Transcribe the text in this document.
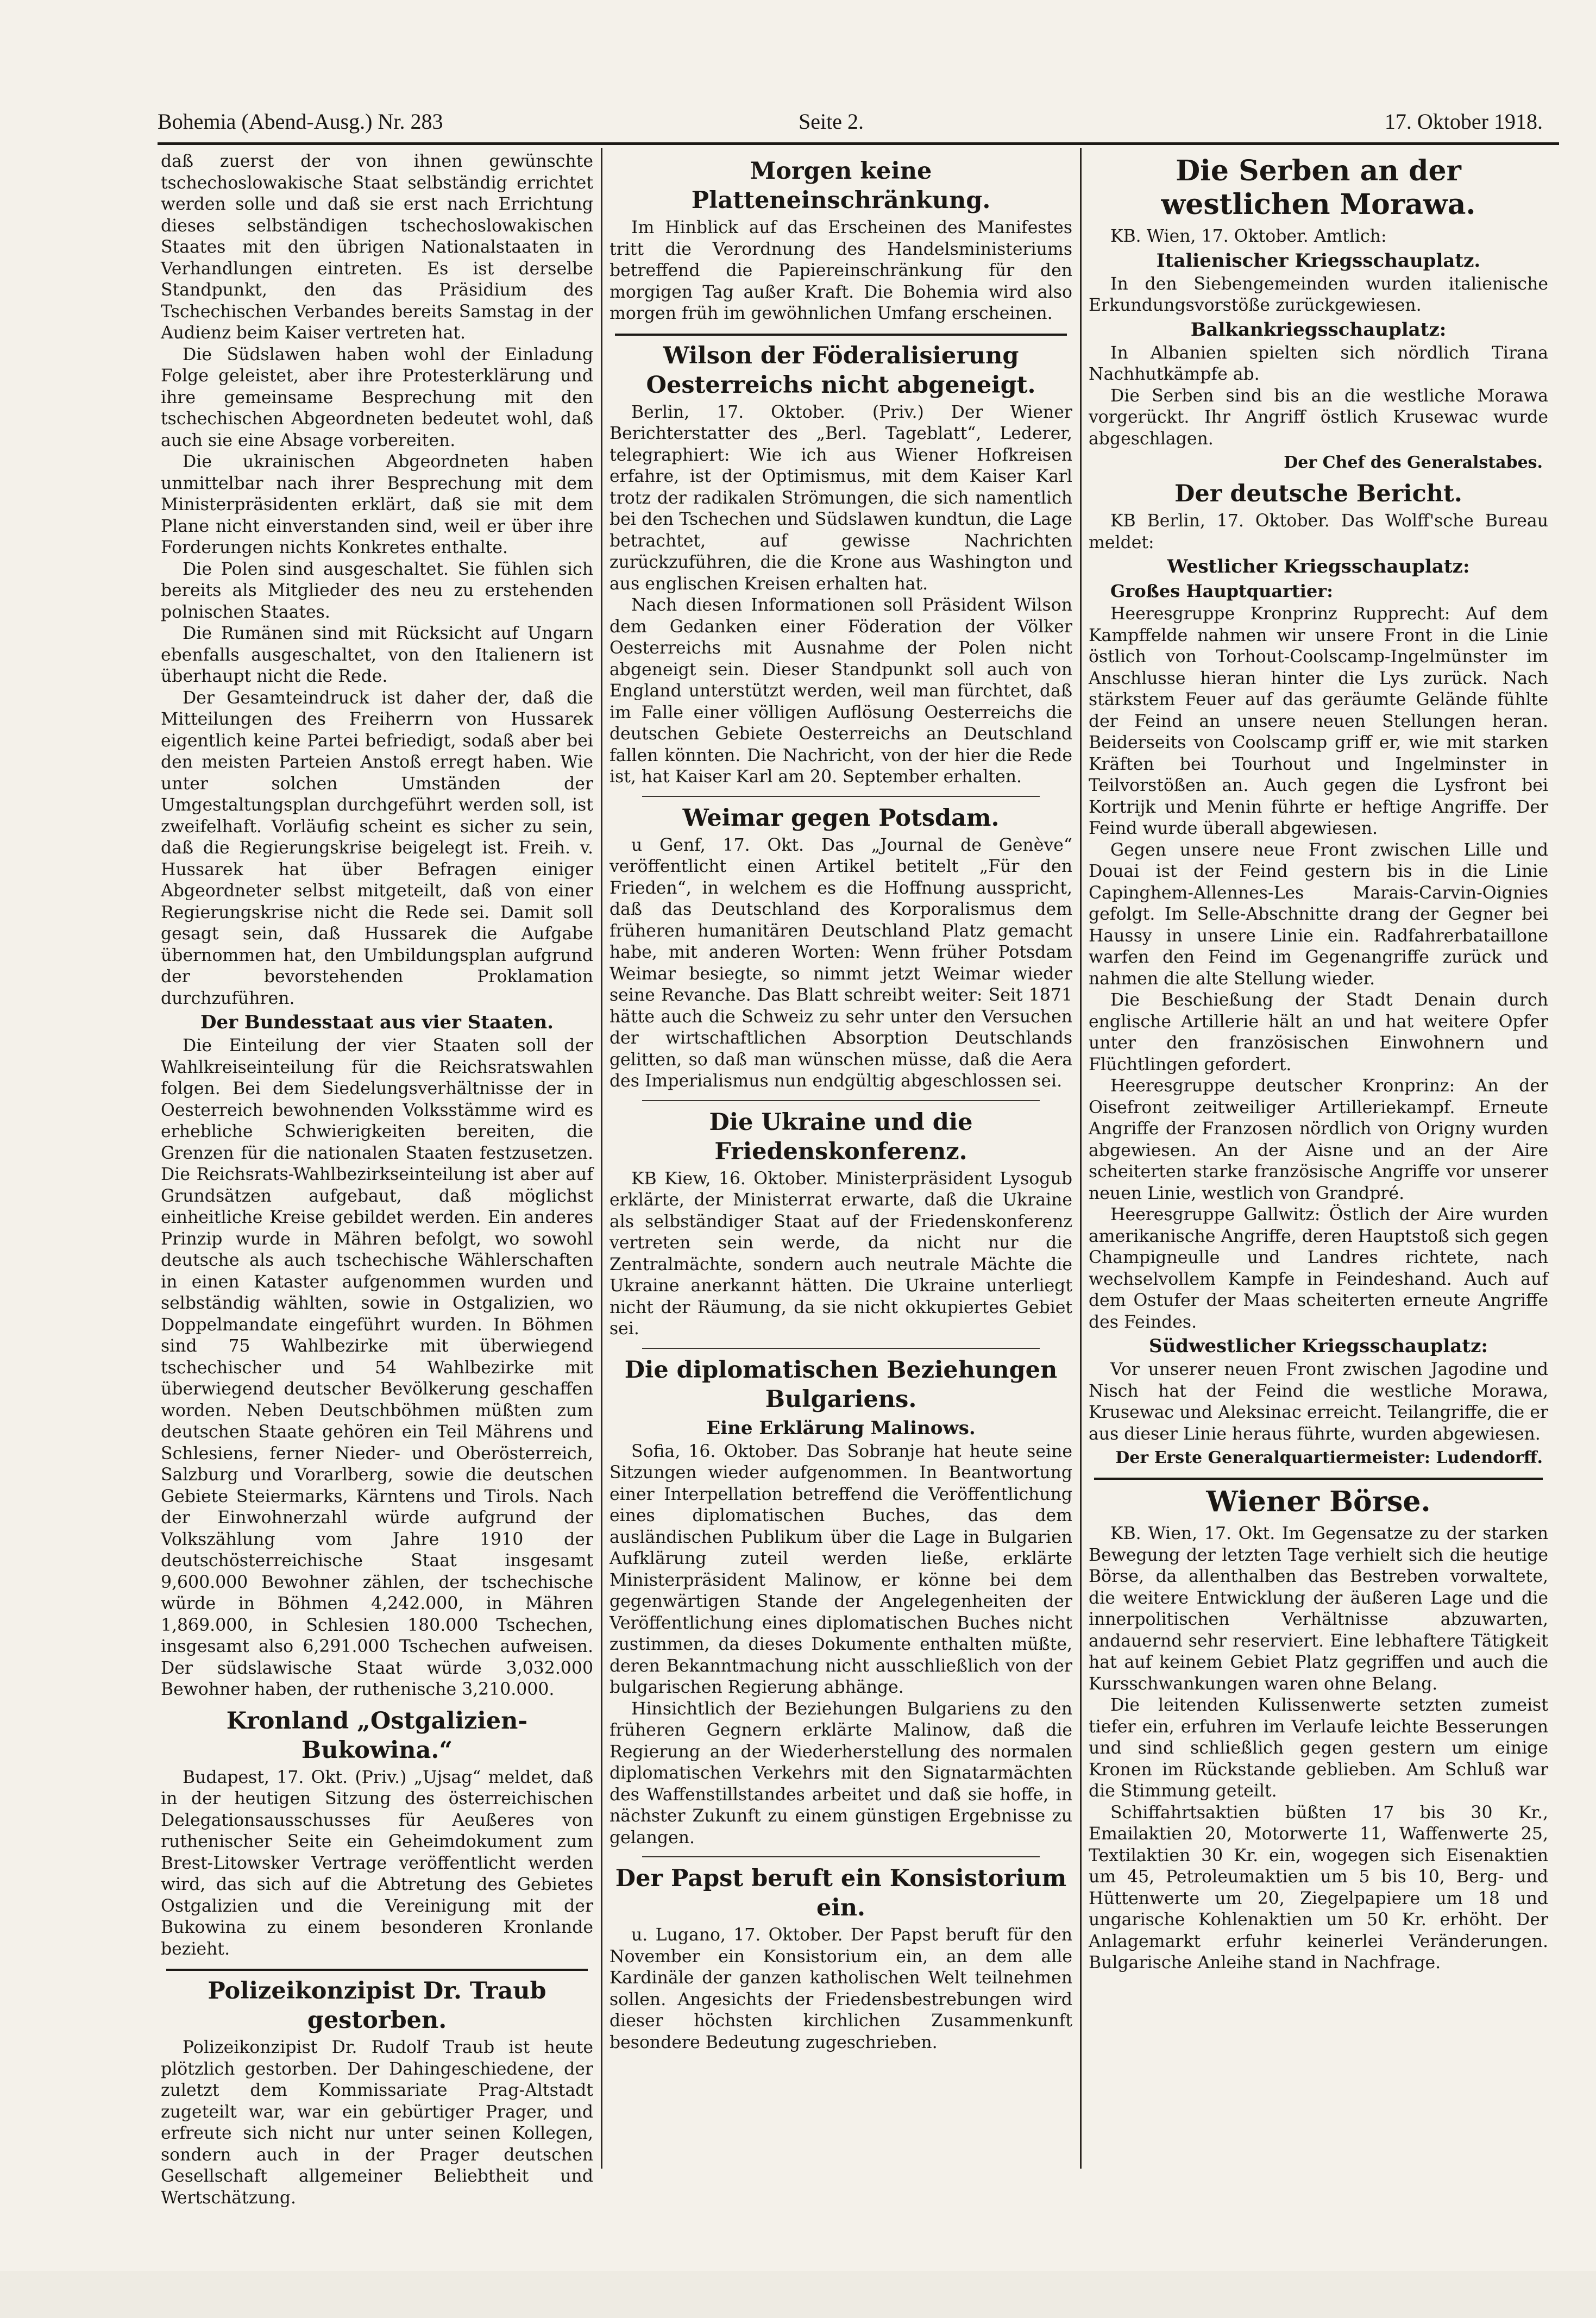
Bohemia (Abend-Ausg.) Nr. 283	Seite 2.	17. Oktober 1918.

daß zuerst der von ihnen gewünschte tschechoslowakische Staat selbständig errichtet werden solle und daß sie erst nach Errichtung dieses selbständigen tschechoslowakischen Staates mit den übrigen Nationalstaaten in Verhandlungen eintreten. Es ist derselbe Standpunkt, den das Präsidium des Tschechischen Verbandes bereits Samstag in der Audienz beim Kaiser vertreten hat.

Die Südslawen haben wohl der Einladung Folge geleistet, aber ihre Protesterklärung und ihre gemeinsame Besprechung mit den tschechischen Abgeordneten bedeutet wohl, daß auch sie eine Absage vorbereiten.

Die ukrainischen Abgeordneten haben unmittelbar nach ihrer Besprechung mit dem Ministerpräsidenten erklärt, daß sie mit dem Plane nicht einverstanden sind, weil er über ihre Forderungen nichts Konkretes enthalte.

Die Polen sind ausgeschaltet. Sie fühlen sich bereits als Mitglieder des neu zu erstehenden polnischen Staates.

Die Rumänen sind mit Rücksicht auf Ungarn ebenfalls ausgeschaltet, von den Italienern ist überhaupt nicht die Rede.

Der Gesamteindruck ist daher der, daß die Mitteilungen des Freiherrn von Hussarek eigentlich keine Partei befriedigt, sodaß aber bei den meisten Parteien Anstoß erregt haben. Wie unter solchen Umständen der Umgestaltungsplan durchgeführt werden soll, ist zweifelhaft. Vorläufig scheint es sicher zu sein, daß die Regierungskrise beigelegt ist. Freih. v. Hussarek hat über Befragen einiger Abgeordneter selbst mitgeteilt, daß von einer Regierungskrise nicht die Rede sei. Damit soll gesagt sein, daß Hussarek die Aufgabe übernommen hat, den Umbildungsplan aufgrund der bevorstehenden Proklamation durchzuführen.

Der Bundesstaat aus vier Staaten.

Die Einteilung der vier Staaten soll der Wahlkreiseinteilung für die Reichsratswahlen folgen. Bei dem Siedelungsverhältnisse der in Oesterreich bewohnenden Volksstämme wird es erhebliche Schwierigkeiten bereiten, die Grenzen für die nationalen Staaten festzusetzen. Die Reichsrats-Wahlbezirkseinteilung ist aber auf Grundsätzen aufgebaut, daß möglichst einheitliche Kreise gebildet werden. Ein anderes Prinzip wurde in Mähren befolgt, wo sowohl deutsche als auch tschechische Wählerschaften in einen Kataster aufgenommen wurden und selbständig wählten, sowie in Ostgalizien, wo Doppelmandate eingeführt wurden. In Böhmen sind 75 Wahlbezirke mit überwiegend tschechischer und 54 Wahlbezirke mit überwiegend deutscher Bevölkerung geschaffen worden. Neben Deutschböhmen müßten zum deutschen Staate gehören ein Teil Mährens und Schlesiens, ferner Nieder- und Oberösterreich, Salzburg und Vorarlberg, sowie die deutschen Gebiete Steiermarks, Kärntens und Tirols. Nach der Einwohnerzahl würde aufgrund der Volkszählung vom Jahre 1910 der deutschösterreichische Staat insgesamt 9,600.000 Bewohner zählen, der tschechische würde in Böhmen 4,242.000, in Mähren 1,869.000, in Schlesien 180.000 Tschechen, insgesamt also 6,291.000 Tschechen aufweisen. Der südslawische Staat würde 3,032.000 Bewohner haben, der ruthenische 3,210.000.

Kronland „Ostgalizien-Bukowina.“

Budapest, 17. Okt. (Priv.) „Ujsag“ meldet, daß in der heutigen Sitzung des österreichischen Delegationsausschusses für Aeußeres von ruthenischer Seite ein Geheimdokument zum Brest-Litowsker Vertrage veröffentlicht werden wird, das sich auf die Abtretung des Gebietes Ostgalizien und die Vereinigung mit der Bukowina zu einem besonderen Kronlande bezieht.

Polizeikonzipist Dr. Traub gestorben.

Polizeikonzipist Dr. Rudolf Traub ist heute plötzlich gestorben. Der Dahingeschiedene, der zuletzt dem Kommissariate Prag-Altstadt zugeteilt war, war ein gebürtiger Prager, und erfreute sich nicht nur unter seinen Kollegen, sondern auch in der Prager deutschen Gesellschaft allgemeiner Beliebtheit und Wertschätzung.

Morgen keine Platteneinschränkung.

Im Hinblick auf das Erscheinen des Manifestes tritt die Verordnung des Handelsministeriums betreffend die Papiereinschränkung für den morgigen Tag außer Kraft. Die Bohemia wird also morgen früh im gewöhnlichen Umfang erscheinen.

Wilson der Föderalisierung Oesterreichs nicht abgeneigt.

Berlin, 17. Oktober. (Priv.) Der Wiener Berichterstatter des „Berl. Tageblatt“, Lederer, telegraphiert: Wie ich aus Wiener Hofkreisen erfahre, ist der Optimismus, mit dem Kaiser Karl trotz der radikalen Strömungen, die sich namentlich bei den Tschechen und Südslawen kundtun, die Lage betrachtet, auf gewisse Nachrichten zurückzuführen, die die Krone aus Washington und aus englischen Kreisen erhalten hat.

Nach diesen Informationen soll Präsident Wilson dem Gedanken einer Föderation der Völker Oesterreichs mit Ausnahme der Polen nicht abgeneigt sein. Dieser Standpunkt soll auch von England unterstützt werden, weil man fürchtet, daß im Falle einer völligen Auflösung Oesterreichs die deutschen Gebiete Oesterreichs an Deutschland fallen könnten. Die Nachricht, von der hier die Rede ist, hat Kaiser Karl am 20. September erhalten.

Weimar gegen Potsdam.

u Genf, 17. Okt. Das „Journal de Genève“ veröffentlicht einen Artikel betitelt „Für den Frieden“, in welchem es die Hoffnung ausspricht, daß das Deutschland des Korporalismus dem früheren humanitären Deutschland Platz gemacht habe, mit anderen Worten: Wenn früher Potsdam Weimar besiegte, so nimmt jetzt Weimar wieder seine Revanche. Das Blatt schreibt weiter: Seit 1871 hätte auch die Schweiz zu sehr unter den Versuchen der wirtschaftlichen Absorption Deutschlands gelitten, so daß man wünschen müsse, daß die Aera des Imperialismus nun endgültig abgeschlossen sei.

Die Ukraine und die Friedenskonferenz.

KB Kiew, 16. Oktober. Ministerpräsident Lysogub erklärte, der Ministerrat erwarte, daß die Ukraine als selbständiger Staat auf der Friedenskonferenz vertreten sein werde, da nicht nur die Zentralmächte, sondern auch neutrale Mächte die Ukraine anerkannt hätten. Die Ukraine unterliegt nicht der Räumung, da sie nicht okkupiertes Gebiet sei.

Die diplomatischen Beziehungen Bulgariens.
Eine Erklärung Malinows.

Sofia, 16. Oktober. Das Sobranje hat heute seine Sitzungen wieder aufgenommen. In Beantwortung einer Interpellation betreffend die Veröffentlichung eines diplomatischen Buches, das dem ausländischen Publikum über die Lage in Bulgarien Aufklärung zuteil werden ließe, erklärte Ministerpräsident Malinow, er könne bei dem gegenwärtigen Stande der Angelegenheiten der Veröffentlichung eines diplomatischen Buches nicht zustimmen, da dieses Dokumente enthalten müßte, deren Bekanntmachung nicht ausschließlich von der bulgarischen Regierung abhänge.

Hinsichtlich der Beziehungen Bulgariens zu den früheren Gegnern erklärte Malinow, daß die Regierung an der Wiederherstellung des normalen diplomatischen Verkehrs mit den Signatarmächten des Waffenstillstandes arbeitet und daß sie hoffe, in nächster Zukunft zu einem günstigen Ergebnisse zu gelangen.

Der Papst beruft ein Konsistorium ein.

u. Lugano, 17. Oktober. Der Papst beruft für den November ein Konsistorium ein, an dem alle Kardinäle der ganzen katholischen Welt teilnehmen sollen. Angesichts der Friedensbestrebungen wird dieser höchsten kirchlichen Zusammenkunft besondere Bedeutung zugeschrieben.

Die Serben an der westlichen Morawa.

KB. Wien, 17. Oktober. Amtlich:

Italienischer Kriegsschauplatz.

In den Siebengemeinden wurden italienische Erkundungsvorstöße zurückgewiesen.

Balkankriegsschauplatz:

In Albanien spielten sich nördlich Tirana Nachhutkämpfe ab.

Die Serben sind bis an die westliche Morawa vorgerückt. Ihr Angriff östlich Krusewac wurde abgeschlagen.

Der Chef des Generalstabes.
Der deutsche Bericht.

KB Berlin, 17. Oktober. Das Wolff'sche Bureau meldet:

Westlicher Kriegsschauplatz:
Großes Hauptquartier:

Heeresgruppe Kronprinz Rupprecht: Auf dem Kampffelde nahmen wir unsere Front in die Linie östlich von Torhout-Coolscamp-Ingelmünster im Anschlusse hieran hinter die Lys zurück. Nach stärkstem Feuer auf das geräumte Gelände fühlte der Feind an unsere neuen Stellungen heran. Beiderseits von Coolscamp griff er, wie mit starken Kräften bei Tourhout und Ingelminster in Teilvorstößen an. Auch gegen die Lysfront bei Kortrijk und Menin führte er heftige Angriffe. Der Feind wurde überall abgewiesen.

Gegen unsere neue Front zwischen Lille und Douai ist der Feind gestern bis in die Linie Capinghem-Allennes-Les Marais-Carvin-Oignies gefolgt. Im Selle-Abschnitte drang der Gegner bei Haussy in unsere Linie ein. Radfahrerbataillone warfen den Feind im Gegenangriffe zurück und nahmen die alte Stellung wieder.

Die Beschießung der Stadt Denain durch englische Artillerie hält an und hat weitere Opfer unter den französischen Einwohnern und Flüchtlingen gefordert.

Heeresgruppe deutscher Kronprinz: An der Oisefront zeitweiliger Artilleriekampf. Erneute Angriffe der Franzosen nördlich von Origny wurden abgewiesen. An der Aisne und an der Aire scheiterten starke französische Angriffe vor unserer neuen Linie, westlich von Grandpré.

Heeresgruppe Gallwitz: Östlich der Aire wurden amerikanische Angriffe, deren Hauptstoß sich gegen Champigneulle und Landres richtete, nach wechselvollem Kampfe in Feindeshand. Auch auf dem Ostufer der Maas scheiterten erneute Angriffe des Feindes.

Südwestlicher Kriegsschauplatz:

Vor unserer neuen Front zwischen Jagodine und Nisch hat der Feind die westliche Morawa, Krusewac und Aleksinac erreicht. Teilangriffe, die er aus dieser Linie heraus führte, wurden abgewiesen.

Der Erste Generalquartiermeister: Ludendorff.
Wiener Börse.

KB. Wien, 17. Okt. Im Gegensatze zu der starken Bewegung der letzten Tage verhielt sich die heutige Börse, da allenthalben das Bestreben vorwaltete, die weitere Entwicklung der äußeren Lage und die innerpolitischen Verhältnisse abzuwarten, andauernd sehr reserviert. Eine lebhaftere Tätigkeit hat auf keinem Gebiet Platz gegriffen und auch die Kursschwankungen waren ohne Belang.

Die leitenden Kulissenwerte setzten zumeist tiefer ein, erfuhren im Verlaufe leichte Besserungen und sind schließlich gegen gestern um einige Kronen im Rückstande geblieben. Am Schluß war die Stimmung geteilt.

Schiffahrtsaktien büßten 17 bis 30 Kr., Emailaktien 20, Motorwerte 11, Waffenwerte 25, Textilaktien 30 Kr. ein, wogegen sich Eisenaktien um 45, Petroleumaktien um 5 bis 10, Berg- und Hüttenwerte um 20, Ziegelpapiere um 18 und ungarische Kohlenaktien um 50 Kr. erhöht. Der Anlagemarkt erfuhr keinerlei Veränderungen. Bulgarische Anleihe stand in Nachfrage.
